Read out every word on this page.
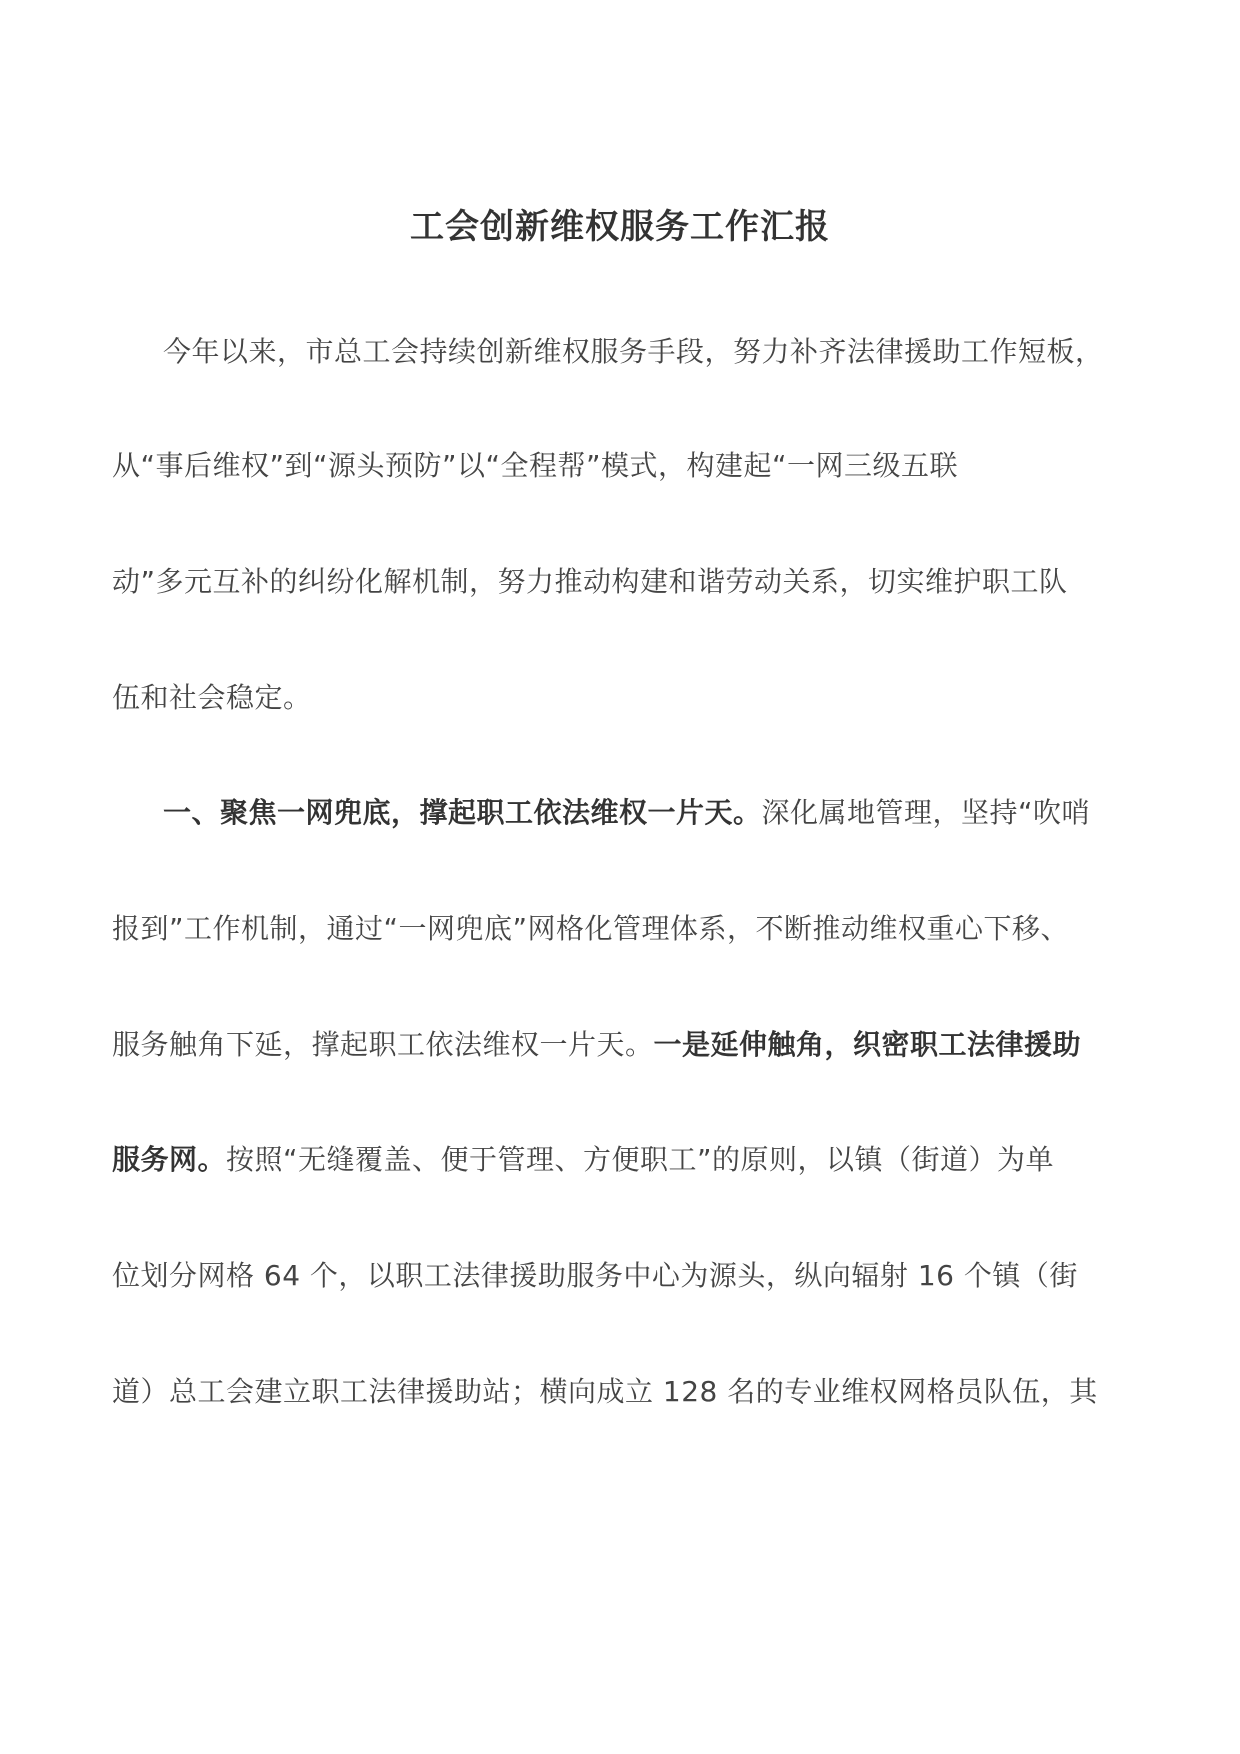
工会创新维权服务工作汇报
今年以来，市总工会持续创新维权服务手段，努力补齐法律援助工作短板，
从“事后维权”到“源头预防”以“全程帮”模式，构建起“一网三级五联
动”多元互补的纠纷化解机制，努力推动构建和谐劳动关系，切实维护职工队
伍和社会稳定。
一、聚焦一网兜底，撑起职工依法维权一片天。深化属地管理，坚持“吹哨
报到”工作机制，通过“一网兜底”网格化管理体系，不断推动维权重心下移、
服务触角下延，撑起职工依法维权一片天。一是延伸触角，织密职工法律援助
服务网。按照“无缝覆盖、便于管理、方便职工”的原则，以镇（街道）为单
位划分网格 64 个，以职工法律援助服务中心为源头，纵向辐射 16 个镇（街
道）总工会建立职工法律援助站；横向成立 128 名的专业维权网格员队伍，其
